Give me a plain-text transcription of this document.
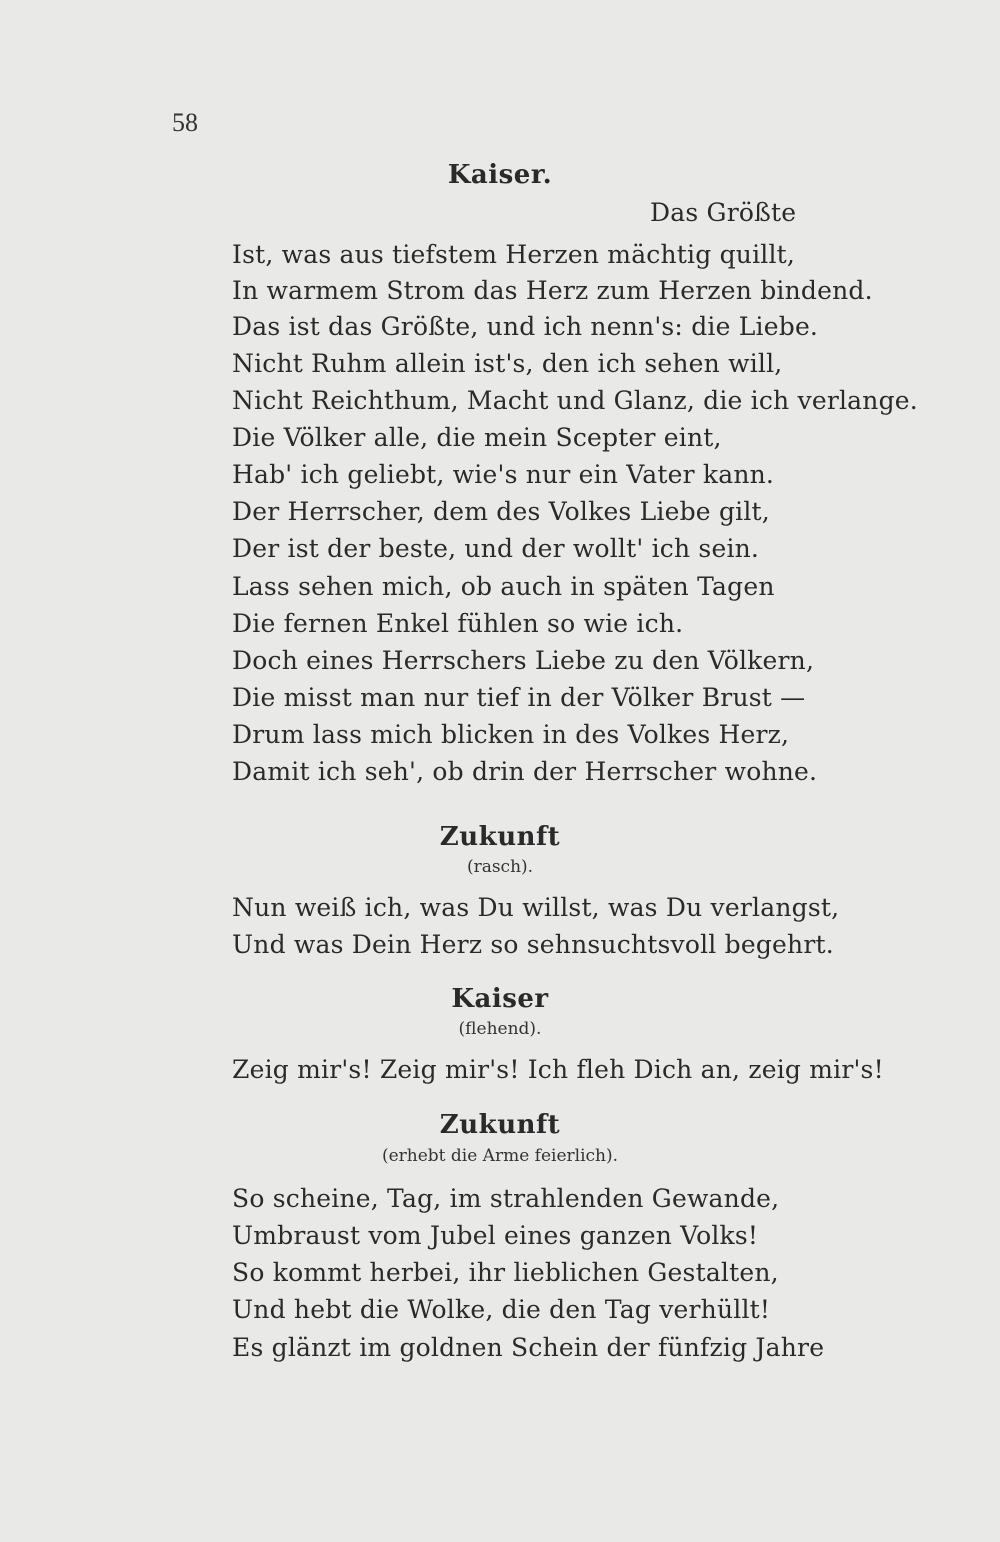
58
Kaiser.
Das Größte
Ist, was aus tiefstem Herzen mächtig quillt,
In warmem Strom das Herz zum Herzen bindend.
Das ist das Größte, und ich nenn's: die Liebe.
Nicht Ruhm allein ist's, den ich sehen will,
Nicht Reichthum, Macht und Glanz, die ich verlange.
Die Völker alle, die mein Scepter eint,
Hab' ich geliebt, wie's nur ein Vater kann.
Der Herrscher, dem des Volkes Liebe gilt,
Der ist der beste, und der wollt' ich sein.
Lass sehen mich, ob auch in späten Tagen
Die fernen Enkel fühlen so wie ich.
Doch eines Herrschers Liebe zu den Völkern,
Die misst man nur tief in der Völker Brust —
Drum lass mich blicken in des Volkes Herz,
Damit ich seh', ob drin der Herrscher wohne.
Zukunft
(rasch).
Nun weiß ich, was Du willst, was Du verlangst,
Und was Dein Herz so sehnsuchtsvoll begehrt.
Kaiser
(flehend).
Zeig mir's! Zeig mir's! Ich fleh Dich an, zeig mir's!
Zukunft
(erhebt die Arme feierlich).
So scheine, Tag, im strahlenden Gewande,
Umbraust vom Jubel eines ganzen Volks!
So kommt herbei, ihr lieblichen Gestalten,
Und hebt die Wolke, die den Tag verhüllt!
Es glänzt im goldnen Schein der fünfzig Jahre
